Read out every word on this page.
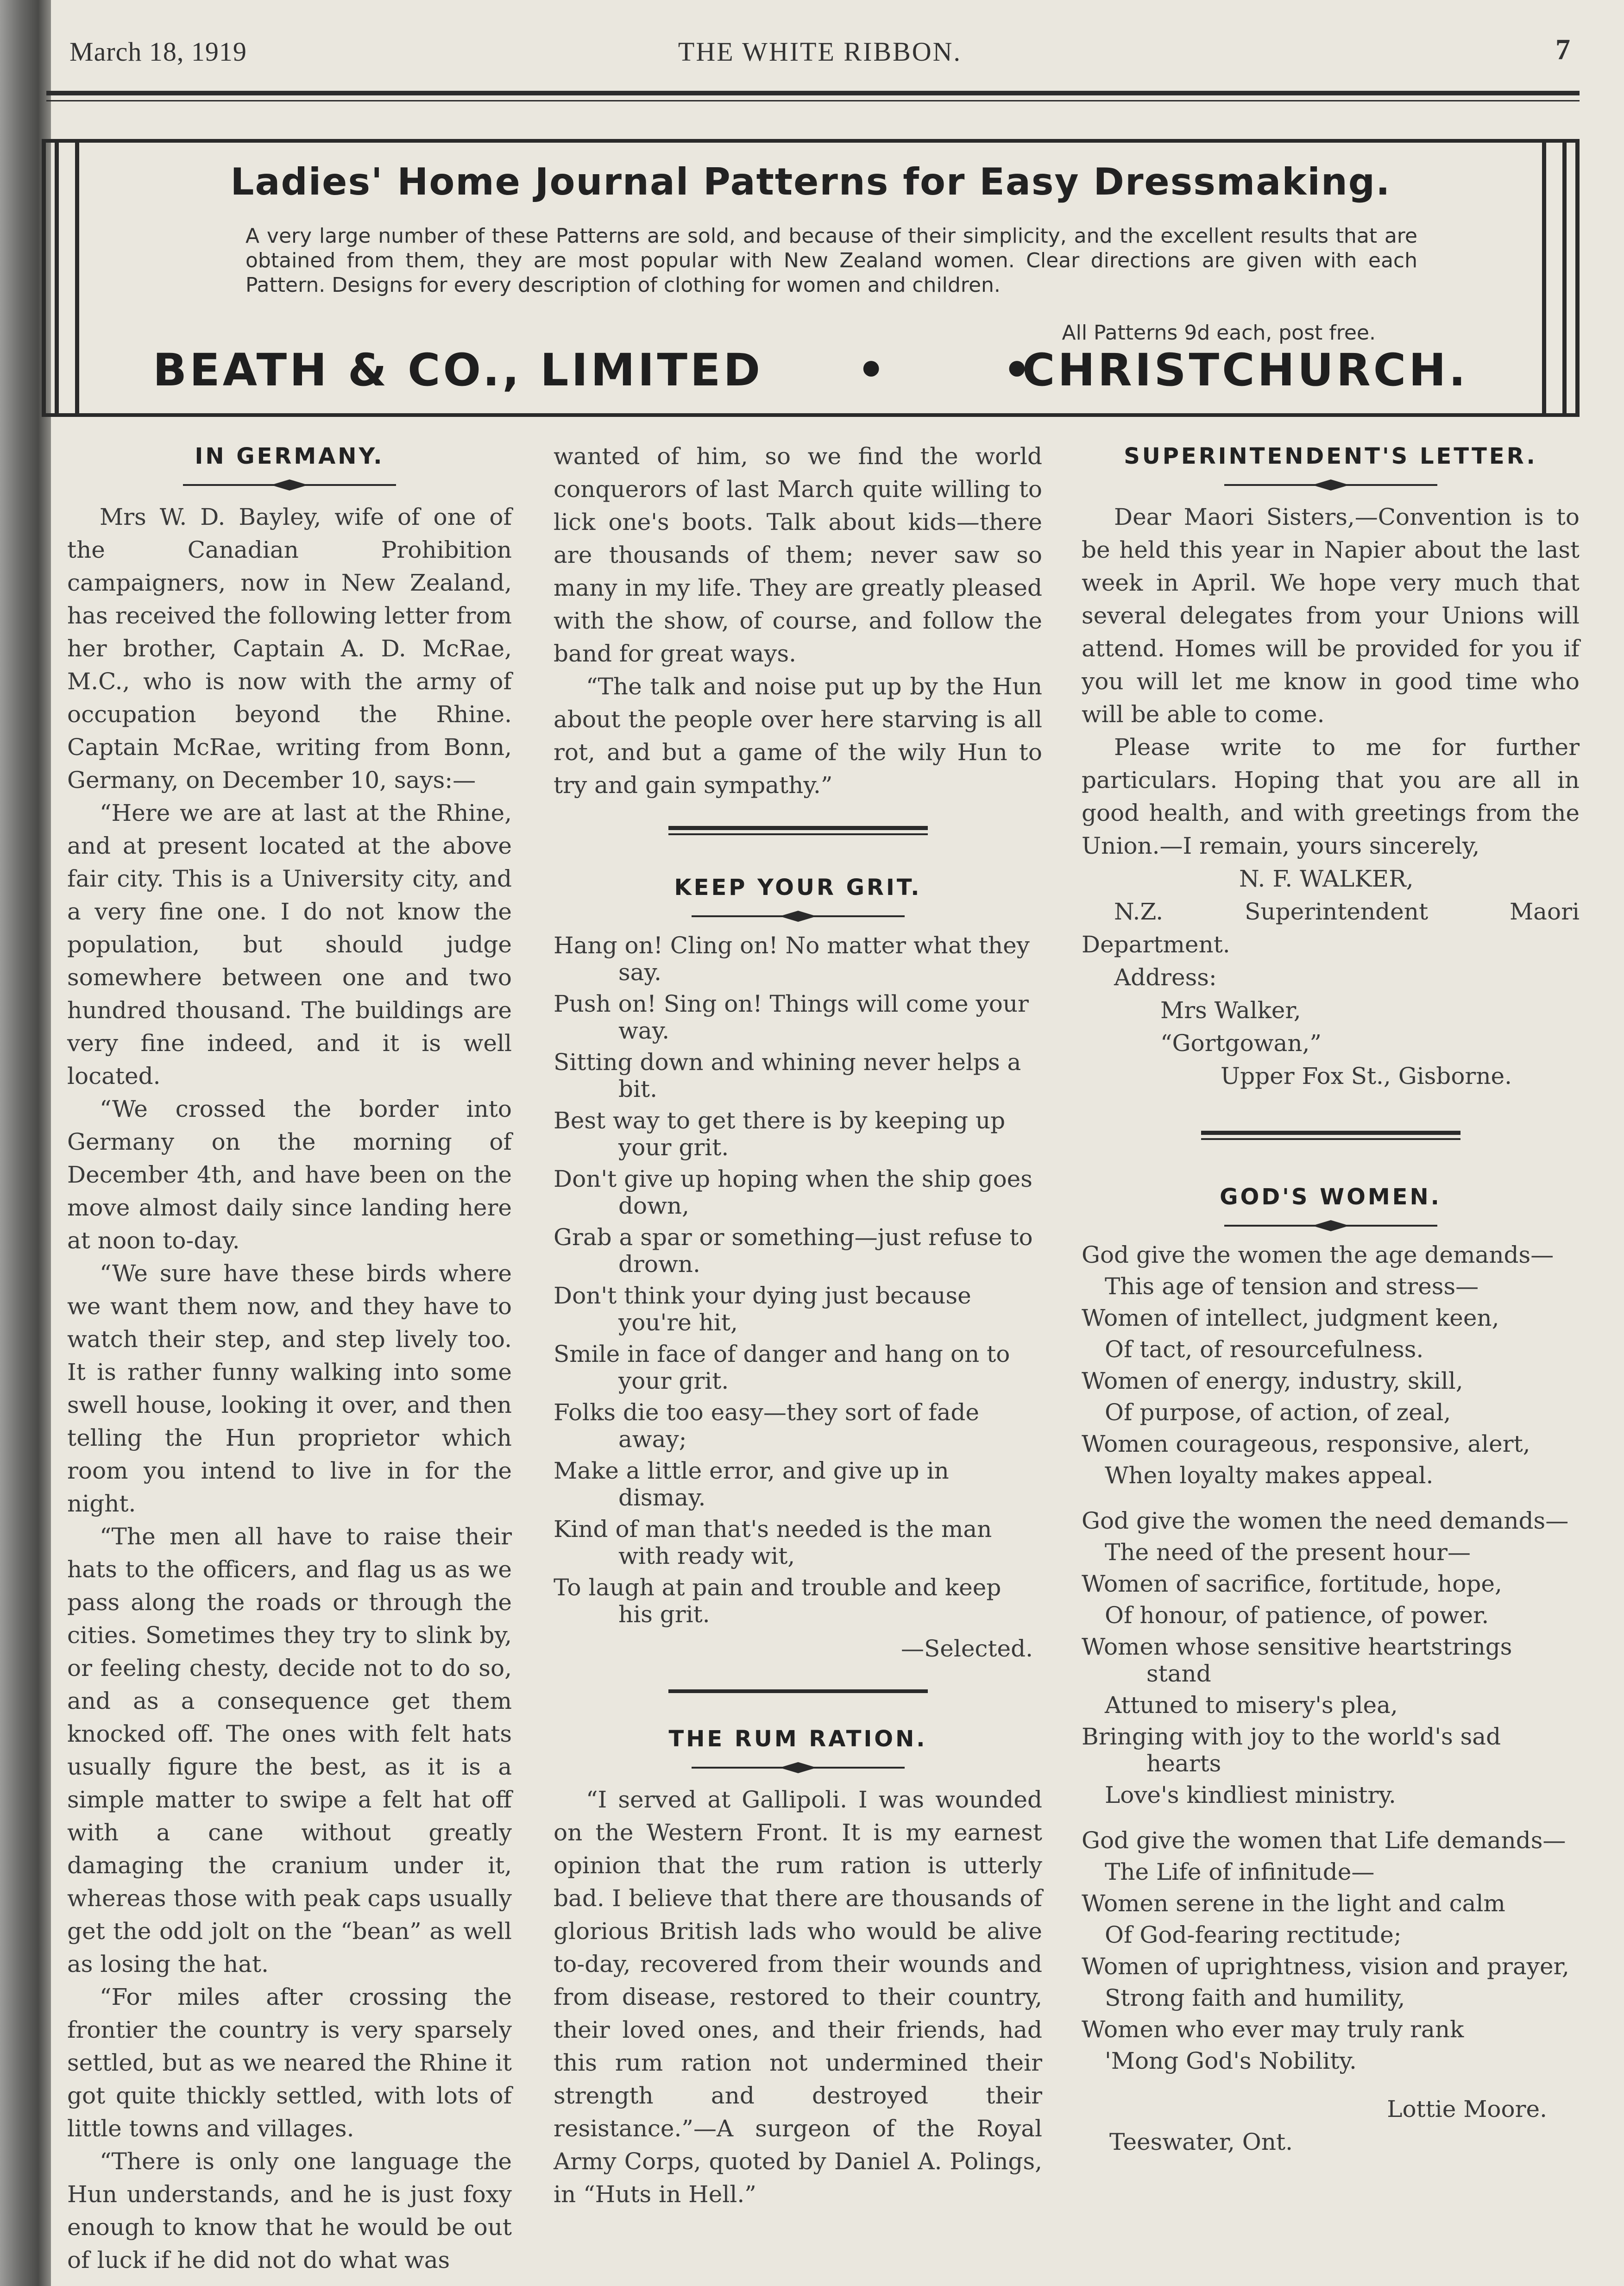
March 18, 1919	THE WHITE RIBBON.	7
Ladies' Home Journal Patterns for Easy Dressmaking.
A very large number of these Patterns are sold, and because of their simplicity, and the excellent results that are obtained from them, they are most popular with New Zealand women. Clear directions are given with each Pattern. Designs for every description of clothing for women and children.
All Patterns 9d each, post free.
BEATH & CO., LIMITED • •
CHRISTCHURCH.
IN GERMANY.

Mrs W. D. Bayley, wife of one of the Canadian Prohibition campaigners, now in New Zealand, has received the following letter from her brother, Captain A. D. McRae, M.C., who is now with the army of occupation beyond the Rhine. Captain McRae, writing from Bonn, Germany, on December 10, says:—

“Here we are at last at the Rhine, and at present located at the above fair city. This is a University city, and a very fine one. I do not know the population, but should judge somewhere between one and two hundred thousand. The buildings are very fine indeed, and it is well located.

“We crossed the border into Germany on the morning of December 4th, and have been on the move almost daily since landing here at noon to-day.

“We sure have these birds where we want them now, and they have to watch their step, and step lively too. It is rather funny walking into some swell house, looking it over, and then telling the Hun proprietor which room you intend to live in for the night.

“The men all have to raise their hats to the officers, and flag us as we pass along the roads or through the cities. Sometimes they try to slink by, or feeling chesty, decide not to do so, and as a consequence get them knocked off. The ones with felt hats usually figure the best, as it is a simple matter to swipe a felt hat off with a cane without greatly damaging the cranium under it, whereas those with peak caps usually get the odd jolt on the “bean” as well as losing the hat.

“For miles after crossing the frontier the country is very sparsely settled, but as we neared the Rhine it got quite thickly settled, with lots of little towns and villages.

“There is only one language the Hun understands, and he is just foxy enough to know that he would be out of luck if he did not do what was

wanted of him, so we find the world conquerors of last March quite willing to lick one's boots. Talk about kids—there are thousands of them; never saw so many in my life. They are greatly pleased with the show, of course, and follow the band for great ways.

“The talk and noise put up by the Hun about the people over here starving is all rot, and but a game of the wily Hun to try and gain sympathy.”

KEEP YOUR GRIT.

Hang on! Cling on! No matter what they say.

Push on! Sing on! Things will come your way.

Sitting down and whining never helps a bit.

Best way to get there is by keeping up your grit.

Don't give up hoping when the ship goes down,

Grab a spar or something—just refuse to drown.

Don't think your dying just because you're hit,

Smile in face of danger and hang on to your grit.

Folks die too easy—they sort of fade away;

Make a little error, and give up in dismay.

Kind of man that's needed is the man with ready wit,

To laugh at pain and trouble and keep his grit.

—Selected.

THE RUM RATION.

“I served at Gallipoli. I was wounded on the Western Front. It is my earnest opinion that the rum ration is utterly bad. I believe that there are thousands of glorious British lads who would be alive to-day, recovered from their wounds and from disease, restored to their country, their loved ones, and their friends, had this rum ration not undermined their strength and destroyed their resistance.”—A surgeon of the Royal Army Corps, quoted by Daniel A. Polings, in “Huts in Hell.”

SUPERINTENDENT'S LETTER.

Dear Maori Sisters,—Convention is to be held this year in Napier about the last week in April. We hope very much that several delegates from your Unions will attend. Homes will be provided for you if you will let me know in good time who will be able to come.

Please write to me for further particulars. Hoping that you are all in good health, and with greetings from the Union.—I remain, yours sincerely,

N. F. WALKER,

N.Z. Superintendent Maori Department.

Address:

Mrs Walker,

“Gortgowan,”

Upper Fox St., Gisborne.

GOD'S WOMEN.

God give the women the age demands—

This age of tension and stress—

Women of intellect, judgment keen,

Of tact, of resourcefulness.

Women of energy, industry, skill,

Of purpose, of action, of zeal,

Women courageous, responsive, alert,

When loyalty makes appeal.

God give the women the need demands—

The need of the present hour—

Women of sacrifice, fortitude, hope,

Of honour, of patience, of power.

Women whose sensitive heartstrings stand

Attuned to misery's plea,

Bringing with joy to the world's sad hearts

Love's kindliest ministry.

God give the women that Life demands—

The Life of infinitude—

Women serene in the light and calm

Of God-fearing rectitude;

Women of uprightness, vision and prayer,

Strong faith and humility,

Women who ever may truly rank

'Mong God's Nobility.

Lottie Moore.

Teeswater, Ont.
